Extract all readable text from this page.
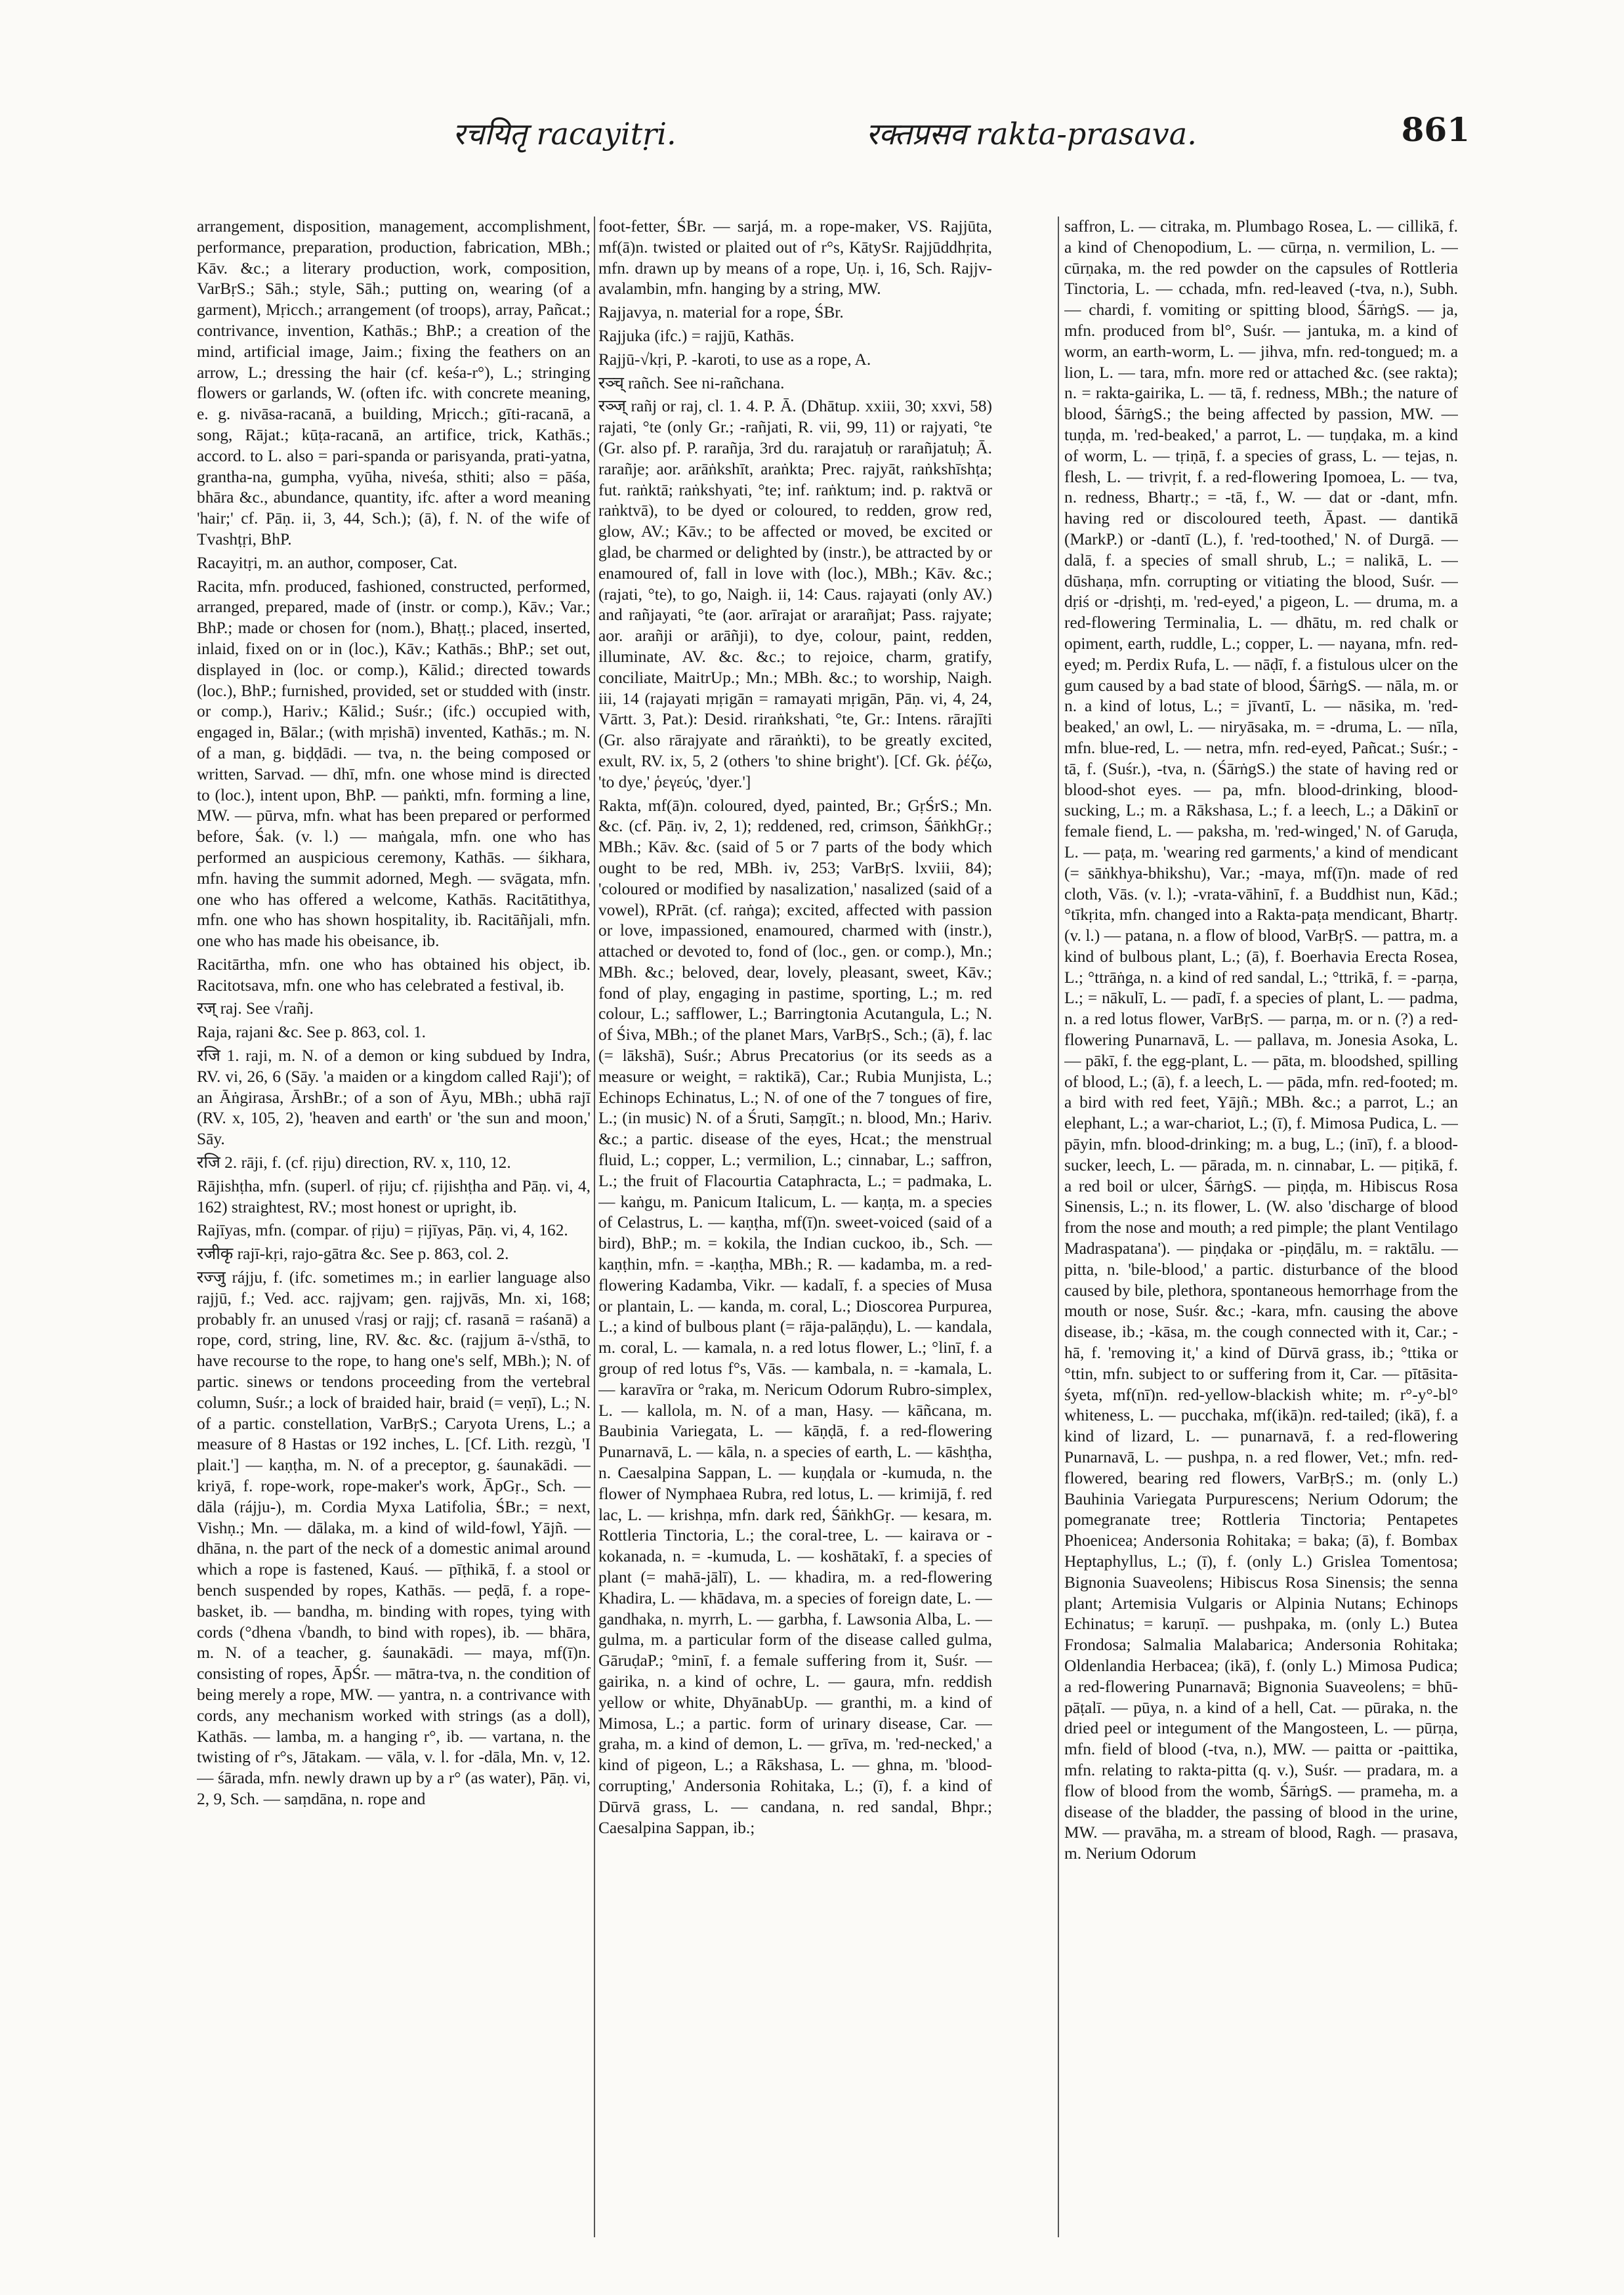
रचयितृ racayitṛi.	रक्तप्रसव rakta-prasava.	861

arrangement, disposition, management, accomplishment, performance, preparation, production, fabrication, MBh.; Kāv. &c.; a literary production, work, composition, VarBṛS.; Sāh.; style, Sāh.; putting on, wearing (of a garment), Mṛicch.; arrangement (of troops), array, Pañcat.; contrivance, invention, Kathās.; BhP.; a creation of the mind, artificial image, Jaim.; fixing the feathers on an arrow, L.; dressing the hair (cf. keśa-r°), L.; stringing flowers or garlands, W. (often ifc. with concrete meaning, e. g. nivāsa-racanā, a building, Mṛicch.; gīti-racanā, a song, Rājat.; kūṭa-racanā, an artifice, trick, Kathās.; accord. to L. also = pari-spanda or parisyanda, prati-yatna, grantha-na, gumpha, vyūha, niveśa, sthiti; also = pāśa, bhāra &c., abundance, quantity, ifc. after a word meaning 'hair;' cf. Pāṇ. ii, 3, 44, Sch.); (ā), f. N. of the wife of Tvashṭṛi, BhP.

Racayitṛi, m. an author, composer, Cat.

Racita, mfn. produced, fashioned, constructed, performed, arranged, prepared, made of (instr. or comp.), Kāv.; Var.; BhP.; made or chosen for (nom.), Bhaṭṭ.; placed, inserted, inlaid, fixed on or in (loc.), Kāv.; Kathās.; BhP.; set out, displayed in (loc. or comp.), Kālid.; directed towards (loc.), BhP.; furnished, provided, set or studded with (instr. or comp.), Hariv.; Kālid.; Suśr.; (ifc.) occupied with, engaged in, Bālar.; (with mṛishā) invented, Kathās.; m. N. of a man, g. biḍḍādi. — tva, n. the being composed or written, Sarvad. — dhī, mfn. one whose mind is directed to (loc.), intent upon, BhP. — paṅkti, mfn. forming a line, MW. — pūrva, mfn. what has been prepared or performed before, Śak. (v. l.) — maṅgala, mfn. one who has performed an auspicious ceremony, Kathās. — śikhara, mfn. having the summit adorned, Megh. — svāgata, mfn. one who has offered a welcome, Kathās. Racitātithya, mfn. one who has shown hospitality, ib. Racitāñjali, mfn. one who has made his obeisance, ib.

Racitārtha, mfn. one who has obtained his object, ib. Racitotsava, mfn. one who has celebrated a festival, ib.

रज् raj. See √rañj.

Raja, rajani &c. See p. 863, col. 1.

रजि 1. raji, m. N. of a demon or king subdued by Indra, RV. vi, 26, 6 (Sāy. 'a maiden or a kingdom called Raji'); of an Āṅgirasa, ĀrshBr.; of a son of Āyu, MBh.; ubhā rajī (RV. x, 105, 2), 'heaven and earth' or 'the sun and moon,' Sāy.

रजि 2. rāji, f. (cf. ṛiju) direction, RV. x, 110, 12.

Rājishṭha, mfn. (superl. of ṛiju; cf. ṛijishṭha and Pāṇ. vi, 4, 162) straightest, RV.; most honest or upright, ib.

Rajīyas, mfn. (compar. of ṛiju) = ṛijīyas, Pāṇ. vi, 4, 162.

रजीकृ rajī-kṛi, rajo-gātra &c. See p. 863, col. 2.

रज्जु rájju, f. (ifc. sometimes m.; in earlier language also rajjū, f.; Ved. acc. rajjvam; gen. rajjvās, Mn. xi, 168; probably fr. an unused √rasj or rajj; cf. rasanā = raśanā) a rope, cord, string, line, RV. &c. &c. (rajjum ā-√sthā, to have recourse to the rope, to hang one's self, MBh.); N. of partic. sinews or tendons proceeding from the vertebral column, Suśr.; a lock of braided hair, braid (= veṇī), L.; N. of a partic. constellation, VarBṛS.; Caryota Urens, L.; a measure of 8 Hastas or 192 inches, L. [Cf. Lith. rezgù, 'I plait.'] — kaṇṭha, m. N. of a preceptor, g. śaunakādi. — kriyā, f. rope-work, rope-maker's work, ĀpGṛ., Sch. — dāla (rájju-), m. Cordia Myxa Latifolia, ŚBr.; = next, Vishṇ.; Mn. — dālaka, m. a kind of wild-fowl, Yājñ. — dhāna, n. the part of the neck of a domestic animal around which a rope is fastened, Kauś. — pīṭhikā, f. a stool or bench suspended by ropes, Kathās. — peḍā, f. a rope-basket, ib. — bandha, m. binding with ropes, tying with cords (°dhena √bandh, to bind with ropes), ib. — bhāra, m. N. of a teacher, g. śaunakādi. — maya, mf(ī)n. consisting of ropes, ĀpŚr. — mātra-tva, n. the condition of being merely a rope, MW. — yantra, n. a contrivance with cords, any mechanism worked with strings (as a doll), Kathās. — lamba, m. a hanging r°, ib. — vartana, n. the twisting of r°s, Jātakam. — vāla, v. l. for -dāla, Mn. v, 12. — śārada, mfn. newly drawn up by a r° (as water), Pāṇ. vi, 2, 9, Sch. — saṃdāna, n. rope and

foot-fetter, ŚBr. — sarjá, m. a rope-maker, VS. Rajjūta, mf(ā)n. twisted or plaited out of r°s, KātySr. Rajjūddhṛita, mfn. drawn up by means of a rope, Uṇ. i, 16, Sch. Rajjv-avalambin, mfn. hanging by a string, MW.

Rajjavya, n. material for a rope, ŚBr.

Rajjuka (ifc.) = rajjū, Kathās.

Rajjū-√kṛi, P. -karoti, to use as a rope, A.

रञ्च् rañch. See ni-rañchana.

रञ्ज् rañj or raj, cl. 1. 4. P. Ā. (Dhātup. xxiii, 30; xxvi, 58) rajati, °te (only Gr.; -rañjati, R. vii, 99, 11) or rajyati, °te (Gr. also pf. P. rarañja, 3rd du. rarajatuḥ or rarañjatuḥ; Ā. rarañje; aor. arāṅkshīt, araṅkta; Prec. rajyāt, raṅkshīshṭa; fut. raṅktā; raṅkshyati, °te; inf. raṅktum; ind. p. raktvā or raṅktvā), to be dyed or coloured, to redden, grow red, glow, AV.; Kāv.; to be affected or moved, be excited or glad, be charmed or delighted by (instr.), be attracted by or enamoured of, fall in love with (loc.), MBh.; Kāv. &c.; (rajati, °te), to go, Naigh. ii, 14: Caus. rajayati (only AV.) and rañjayati, °te (aor. arīrajat or ararañjat; Pass. rajyate; aor. arañji or arāñji), to dye, colour, paint, redden, illuminate, AV. &c. &c.; to rejoice, charm, gratify, conciliate, MaitrUp.; Mn.; MBh. &c.; to worship, Naigh. iii, 14 (rajayati mṛigān = ramayati mṛigān, Pāṇ. vi, 4, 24, Vārtt. 3, Pat.): Desid. riraṅkshati, °te, Gr.: Intens. rārajīti (Gr. also rārajyate and rāraṅkti), to be greatly excited, exult, RV. ix, 5, 2 (others 'to shine bright'). [Cf. Gk. ῥέζω, 'to dye,' ῥεγεύς, 'dyer.']

Rakta, mf(ā)n. coloured, dyed, painted, Br.; GṛŚrS.; Mn. &c. (cf. Pāṇ. iv, 2, 1); reddened, red, crimson, ŚāṅkhGṛ.; MBh.; Kāv. &c. (said of 5 or 7 parts of the body which ought to be red, MBh. iv, 253; VarBṛS. lxviii, 84); 'coloured or modified by nasalization,' nasalized (said of a vowel), RPrāt. (cf. raṅga); excited, affected with passion or love, impassioned, enamoured, charmed with (instr.), attached or devoted to, fond of (loc., gen. or comp.), Mn.; MBh. &c.; beloved, dear, lovely, pleasant, sweet, Kāv.; fond of play, engaging in pastime, sporting, L.; m. red colour, L.; safflower, L.; Barringtonia Acutangula, L.; N. of Śiva, MBh.; of the planet Mars, VarBṛS., Sch.; (ā), f. lac (= lākshā), Suśr.; Abrus Precatorius (or its seeds as a measure or weight, = raktikā), Car.; Rubia Munjista, L.; Echinops Echinatus, L.; N. of one of the 7 tongues of fire, L.; (in music) N. of a Śruti, Saṃgīt.; n. blood, Mn.; Hariv. &c.; a partic. disease of the eyes, Hcat.; the menstrual fluid, L.; copper, L.; vermilion, L.; cinnabar, L.; saffron, L.; the fruit of Flacourtia Cataphracta, L.; = padmaka, L. — kaṅgu, m. Panicum Italicum, L. — kaṇṭa, m. a species of Celastrus, L. — kaṇṭha, mf(ī)n. sweet-voiced (said of a bird), BhP.; m. = kokila, the Indian cuckoo, ib., Sch. — kaṇṭhin, mfn. = -kaṇṭha, MBh.; R. — kadamba, m. a red-flowering Kadamba, Vikr. — kadalī, f. a species of Musa or plantain, L. — kanda, m. coral, L.; Dioscorea Purpurea, L.; a kind of bulbous plant (= rāja-palāṇḍu), L. — kandala, m. coral, L. — kamala, n. a red lotus flower, L.; °linī, f. a group of red lotus f°s, Vās. — kambala, n. = -kamala, L. — karavīra or °raka, m. Nericum Odorum Rubro-simplex, L. — kallola, m. N. of a man, Hasy. — kāñcana, m. Baubinia Variegata, L. — kāṇḍā, f. a red-flowering Punarnavā, L. — kāla, n. a species of earth, L. — kāshṭha, n. Caesalpina Sappan, L. — kuṇḍala or -kumuda, n. the flower of Nymphaea Rubra, red lotus, L. — krimijā, f. red lac, L. — krishṇa, mfn. dark red, ŚāṅkhGṛ. — kesara, m. Rottleria Tinctoria, L.; the coral-tree, L. — kairava or -kokanada, n. = -kumuda, L. — koshātakī, f. a species of plant (= mahā-jālī), L. — khadira, m. a red-flowering Khadira, L. — khādava, m. a species of foreign date, L. — gandhaka, n. myrrh, L. — garbha, f. Lawsonia Alba, L. — gulma, m. a particular form of the disease called gulma, GāruḍaP.; °minī, f. a female suffering from it, Suśr. — gairika, n. a kind of ochre, L. — gaura, mfn. reddish yellow or white, DhyānabUp. — granthi, m. a kind of Mimosa, L.; a partic. form of urinary disease, Car. — graha, m. a kind of demon, L. — grīva, m. 'red-necked,' a kind of pigeon, L.; a Rākshasa, L. — ghna, m. 'blood-corrupting,' Andersonia Rohitaka, L.; (ī), f. a kind of Dūrvā grass, L. — candana, n. red sandal, Bhpr.; Caesalpina Sappan, ib.;

saffron, L. — citraka, m. Plumbago Rosea, L. — cillikā, f. a kind of Chenopodium, L. — cūrṇa, n. vermilion, L. — cūrṇaka, m. the red powder on the capsules of Rottleria Tinctoria, L. — cchada, mfn. red-leaved (-tva, n.), Subh. — chardi, f. vomiting or spitting blood, ŚārṅgS. — ja, mfn. produced from bl°, Suśr. — jantuka, m. a kind of worm, an earth-worm, L. — jihva, mfn. red-tongued; m. a lion, L. — tara, mfn. more red or attached &c. (see rakta); n. = rakta-gairika, L. — tā, f. redness, MBh.; the nature of blood, ŚārṅgS.; the being affected by passion, MW. — tuṇḍa, m. 'red-beaked,' a parrot, L. — tuṇḍaka, m. a kind of worm, L. — tṛiṇā, f. a species of grass, L. — tejas, n. flesh, L. — trivṛit, f. a red-flowering Ipomoea, L. — tva, n. redness, Bhartṛ.; = -tā, f., W. — dat or -dant, mfn. having red or discoloured teeth, Āpast. — dantikā (MarkP.) or -dantī (L.), f. 'red-toothed,' N. of Durgā. — dalā, f. a species of small shrub, L.; = nalikā, L. — dūshaṇa, mfn. corrupting or vitiating the blood, Suśr. — dṛiś or -dṛishṭi, m. 'red-eyed,' a pigeon, L. — druma, m. a red-flowering Terminalia, L. — dhātu, m. red chalk or opiment, earth, ruddle, L.; copper, L. — nayana, mfn. red-eyed; m. Perdix Rufa, L. — nāḍī, f. a fistulous ulcer on the gum caused by a bad state of blood, ŚārṅgS. — nāla, m. or n. a kind of lotus, L.; = jīvantī, L. — nāsika, m. 'red-beaked,' an owl, L. — niryāsaka, m. = -druma, L. — nīla, mfn. blue-red, L. — netra, mfn. red-eyed, Pañcat.; Suśr.; -tā, f. (Suśr.), -tva, n. (ŚārṅgS.) the state of having red or blood-shot eyes. — pa, mfn. blood-drinking, blood-sucking, L.; m. a Rākshasa, L.; f. a leech, L.; a Dākinī or female fiend, L. — paksha, m. 'red-winged,' N. of Garuḍa, L. — paṭa, m. 'wearing red garments,' a kind of mendicant (= sāṅkhya-bhikshu), Var.; -maya, mf(ī)n. made of red cloth, Vās. (v. l.); -vrata-vāhinī, f. a Buddhist nun, Kād.; °tīkṛita, mfn. changed into a Rakta-paṭa mendicant, Bhartṛ. (v. l.) — patana, n. a flow of blood, VarBṛS. — pattra, m. a kind of bulbous plant, L.; (ā), f. Boerhavia Erecta Rosea, L.; °ttrāṅga, n. a kind of red sandal, L.; °ttrikā, f. = -parṇa, L.; = nākulī, L. — padī, f. a species of plant, L. — padma, n. a red lotus flower, VarBṛS. — parṇa, m. or n. (?) a red-flowering Punarnavā, L. — pallava, m. Jonesia Asoka, L. — pākī, f. the egg-plant, L. — pāta, m. bloodshed, spilling of blood, L.; (ā), f. a leech, L. — pāda, mfn. red-footed; m. a bird with red feet, Yājñ.; MBh. &c.; a parrot, L.; an elephant, L.; a war-chariot, L.; (ī), f. Mimosa Pudica, L. — pāyin, mfn. blood-drinking; m. a bug, L.; (inī), f. a blood-sucker, leech, L. — pārada, m. n. cinnabar, L. — piṭikā, f. a red boil or ulcer, ŚārṅgS. — piṇḍa, m. Hibiscus Rosa Sinensis, L.; n. its flower, L. (W. also 'discharge of blood from the nose and mouth; a red pimple; the plant Ventilago Madraspatana'). — piṇḍaka or -piṇḍālu, m. = raktālu. — pitta, n. 'bile-blood,' a partic. disturbance of the blood caused by bile, plethora, spontaneous hemorrhage from the mouth or nose, Suśr. &c.; -kara, mfn. causing the above disease, ib.; -kāsa, m. the cough connected with it, Car.; -hā, f. 'removing it,' a kind of Dūrvā grass, ib.; °ttika or °ttin, mfn. subject to or suffering from it, Car. — pītāsita-śyeta, mf(nī)n. red-yellow-blackish white; m. r°-y°-bl° whiteness, L. — pucchaka, mf(ikā)n. red-tailed; (ikā), f. a kind of lizard, L. — punarnavā, f. a red-flowering Punarnavā, L. — pushpa, n. a red flower, Vet.; mfn. red-flowered, bearing red flowers, VarBṛS.; m. (only L.) Bauhinia Variegata Purpurescens; Nerium Odorum; the pomegranate tree; Rottleria Tinctoria; Pentapetes Phoenicea; Andersonia Rohitaka; = baka; (ā), f. Bombax Heptaphyllus, L.; (ī), f. (only L.) Grislea Tomentosa; Bignonia Suaveolens; Hibiscus Rosa Sinensis; the senna plant; Artemisia Vulgaris or Alpinia Nutans; Echinops Echinatus; = karuṇī. — pushpaka, m. (only L.) Butea Frondosa; Salmalia Malabarica; Andersonia Rohitaka; Oldenlandia Herbacea; (ikā), f. (only L.) Mimosa Pudica; a red-flowering Punarnavā; Bignonia Suaveolens; = bhū-pāṭalī. — pūya, n. a kind of a hell, Cat. — pūraka, n. the dried peel or integument of the Mangosteen, L. — pūrṇa, mfn. field of blood (-tva, n.), MW. — paitta or -paittika, mfn. relating to rakta-pitta (q. v.), Suśr. — pradara, m. a flow of blood from the womb, ŚārṅgS. — prameha, m. a disease of the bladder, the passing of blood in the urine, MW. — pravāha, m. a stream of blood, Ragh. — prasava, m. Nerium Odorum
